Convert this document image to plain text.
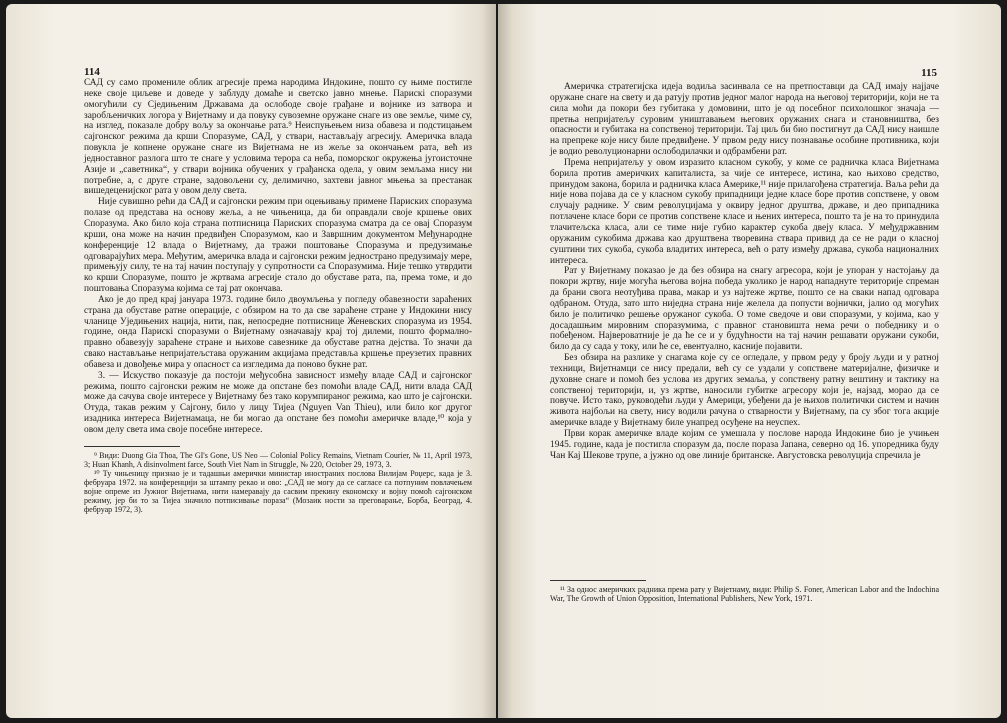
114

САД су само промениле облик агресије према народима Индокине, пошто су њиме постигле неке своје циљеве и доведе у заблуду домаће и светско јавно мнење. Парискi споразуми омогућили су Сједињеним Државама да ослободе своје грађане и војнике из затвора и заробљеничких логора у Вијетнаму и да повуку сувоземне оружане снаге из ове земље, чиме су, на изглед, показале добру вољу за окончање рата.⁹ Неиспуњењем низа обавеза и подстицањем сајгонског режима да крши Споразуме, САД, у ствари, настављају агресију. Америчка влада повукла је копнене оружане снаге из Вијетнама не из жеље за окончањем рата, већ из једноставног разлога што те снаге у условима терора са неба, поморског окружења југоисточне Азије и „саветника“, у ствари војника обучених у грађанска одела, у овим земљама нису ни потребне, а, с друге стране, задовољени су, делимично, захтеви јавног мњења за престанак вишедеценијског рата у овом делу света.

Није сувишно рећи да САД и сајгонски режим при оцењивању примене Париских споразума полазе од представа на основу жеља, а не чињеница, да би оправдали своје кршење ових Споразума. Ако било која страна потписница Париских споразума сматра да се овај Споразум крши, она може на начин предвиђен Споразумом, као и Завршним документом Међународне конференције 12 влада о Вијетнаму, да тражи поштовање Споразума и предузимање одговарајућих мера. Међутим, америчка влада и сајгонски режим једнострано предузимају мере, примењују силу, те на тај начин поступају у супротности са Споразумима. Није тешко утврдити ко крши Споразуме, пошто је жртвама агресије стало до обуставе рата, па, према томе, и до поштовања Споразума којима се тај рат окончава.

Ако је до пред крај јануара 1973. године било двоумљења у погледу обавезности зараћених страна да обуставе ратне операције, с обзиром на то да све зараћене стране у Индокини нису чланице Уједињених нација, нити, пак, непосредне потписнице Женевских споразума из 1954. године, онда Парискi споразуми о Вијетнаму означавају крај тој дилеми, пошто формално-правно обавезују зараћене стране и њихове савезнике да обуставе ратна дејства. То значи да свако настављање непријатељстава оружаним акцијама представља кршење преузетих правних обавеза и довођење мира у опасност са изгледима да поново букне рат.

3. — Искуство показује да постоји међусобна зависност између владе САД и сајгонског режима, пошто сајгонски режим не може да опстане без помоћи владе САД, нити влада САД може да сачува своје интересе у Вијетнаму без тако корумпираног режима, као што је сајгонски. Отуда, такав режим у Сајгону, било у лицу Тијеа (Nguyen Van Thieu), или било ког другог изадника интереса Вијетнамаца, не би могао да опстане без помоћи америчке владе,¹⁰ која у овом делу света има своје посебне интересе.

⁹ Види: Duong Gia Thoa, The GI's Gone, US Neo — Colonial Policy Remains, Vietnam Courier, № 11, April 1973, 3; Huan Khanh, A disinvolment farce, South Viet Nam in Struggle, № 220, October 29, 1973, 3.

¹⁰ Ту чињеницу признао је и тадашњи амерички министар иностраних послова Вилијам Роџерс, када је 3. фебруара 1972. на конференцији за штампу рекао и ово: „САД не могу да се сагласе са потпуним повлачењем војне опреме из Јужног Вијетнама, нити намеравају да сасвим прекину економску и војну помоћ сајгонском режиму, јер би то за Тијеа значило потписивање пораза“ (Мозаик ности за преговарање, Борба, Београд, 4. фебруар 1972, 3).

115

Америчка стратегијска идеја водиља засинвала се на претпоставци да САД имају најјаче оружане снаге на свету и да ратују против једног малог народа на његовој територији, који не та сила моћи да покори без губитака у домовини, што је од посебног психолошког значаја — претња непријатељу суровим уништавањем његових оружаних снага и становништва, без опасности и губитака на сопственој територији. Тај циљ би био постигнут да САД нису наишле на препреке које нису биле предвиђене. У првом реду нису познавање особине противника, који је водио револуционарни ослободилачки и одбрамбени рат.

Према непријатељу у овом изразито класном сукобу, у коме се радничка класа Вијетнама борила против америчких капиталиста, за чије се интересе, истина, као њихово средство, принудом закона, борила и радничка класа Америке,¹¹ није прилагођена стратегија. Ваља рећи да није нова појава да се у класном сукобу припадници једне класе боре против сопствене, у овом случају раднике. У свим револуцијама у оквиру једног друштва, државе, и део припадника потлачене класе бори се против сопствене класе и њених интереса, пошто та је на то принудила тлачитељска класа, али се тиме није губио карактер сукоба двеју класа. У међудржавним оружаним сукобима држава као друштвена творевина ствара привид да се не ради о класној суштини тих сукоба, сукоба владитих интереса, већ о рату између држава, сукоба националних интереса.

Рат у Вијетнаму показао је да без обзира на снагу агресора, који је упоран у настојању да покори жртву, није могућа његова војна победа уколико је народ нападнуте територије спреман да брани свога неотуђива права, макар и уз најтеже жртве, пошто се на сваки напад одговара одбраном. Отуда, зато што ниједна страна није желела да попусти војнички, јалио од могућих било је политичко решење оружаног сукоба. О томе сведоче и ови споразуми, у којима, као у досадашњим мировним споразумима, с правног становишта нема речи о победнику и о побеђеном. Највероватније је да ће се и у будућности на тај начин решавати оружани сукоби, било да су сада у току, или ће се, евентуално, касније појавити.

Без обзира на разлике у снагама које су се огледале, у првом реду у броју људи и у ратној техници, Вијетнамци се нису предали, већ су се уздали у сопствене материјалне, физичке и духовне снаге и помоћ без услова из других земаља, у сопствену ратну вештину и тактику на сопственој територији, и, уз жртве, наносили губитке агресору који је, најзад, морао да се повуче. Исто тако, руководећи људи у Америци, убеђени да је њихов политички систем и начин живота најбољи на свету, нису водили рачуна о стварности у Вијетнаму, па су због тога акције америчке владе у Вијетнаму биле унапред осуђене на неуспех.

Први корак америчке владе којим се умешала у послове народа Индокине био је учињен 1945. године, када је постигла споразум да, после пораза Јапана, северно од 16. упоредника буду Чан Кај Шекове трупе, а јужно од ове линије британске. Августовска револуција спречила је

¹¹ За однос америчких радника према рату у Вијетнаму, види: Philip S. Foner, American Labor and the Indochina War, The Growth of Union Opposition, International Publishers, New York, 1971.
